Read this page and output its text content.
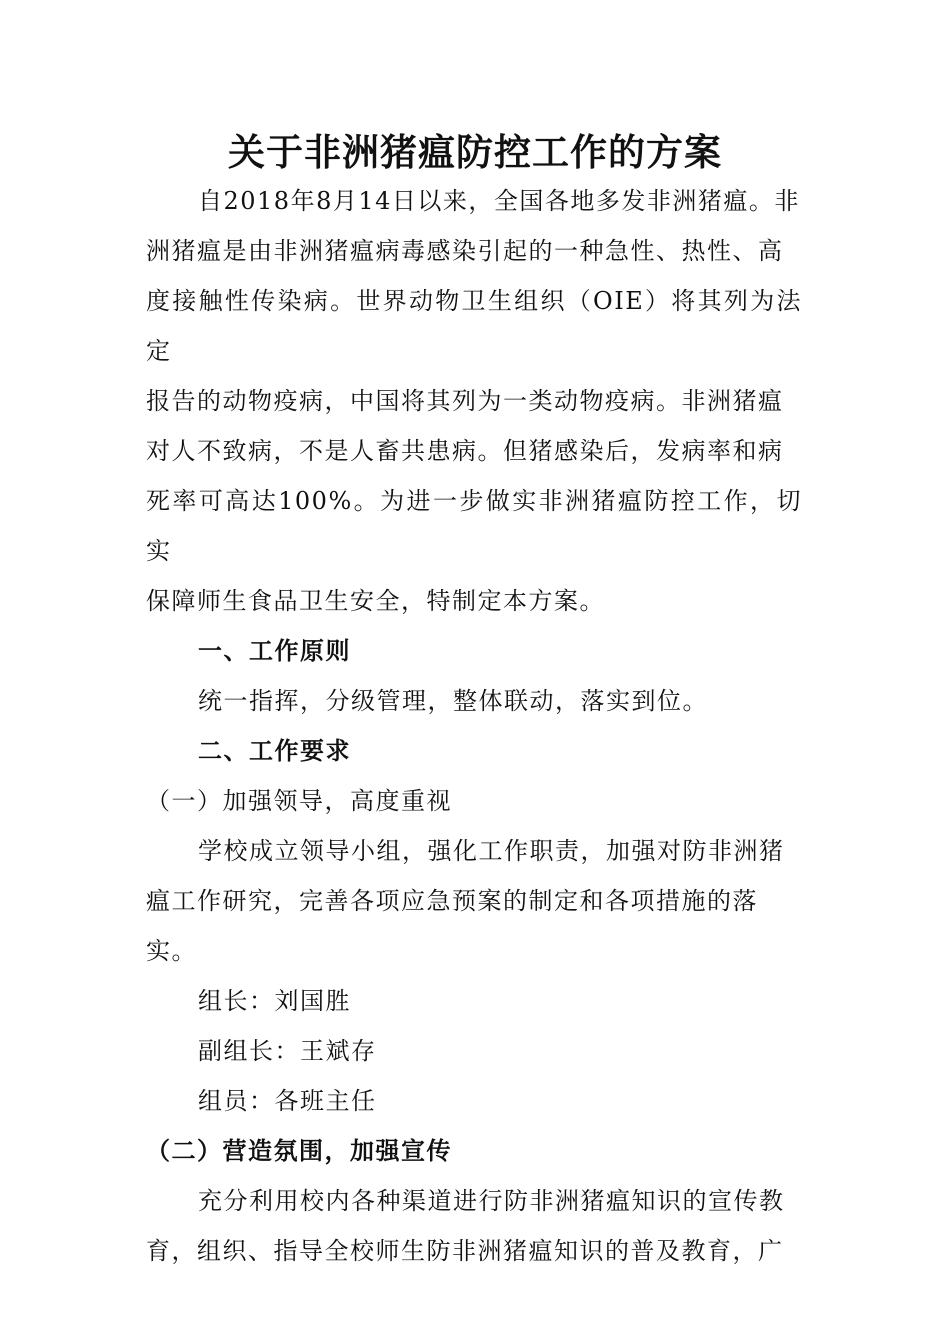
关于非洲猪瘟防控工作的方案

自2018年8月14日以来，全国各地多发非洲猪瘟。非
洲猪瘟是由非洲猪瘟病毒感染引起的一种急性、热性、高
度接触性传染病。世界动物卫生组织（OIE）将其列为法定
报告的动物疫病，中国将其列为一类动物疫病。非洲猪瘟
对人不致病，不是人畜共患病。但猪感染后，发病率和病
死率可高达100%。为进一步做实非洲猪瘟防控工作，切实
保障师生食品卫生安全，特制定本方案。

一、工作原则

统一指挥，分级管理，整体联动，落实到位。

二、工作要求

（一）加强领导，高度重视

学校成立领导小组，强化工作职责，加强对防非洲猪
瘟工作研究，完善各项应急预案的制定和各项措施的落
实。

组长：刘国胜

副组长：王斌存

组员：各班主任

（二）营造氛围，加强宣传

充分利用校内各种渠道进行防非洲猪瘟知识的宣传教
育，组织、指导全校师生防非洲猪瘟知识的普及教育，广
